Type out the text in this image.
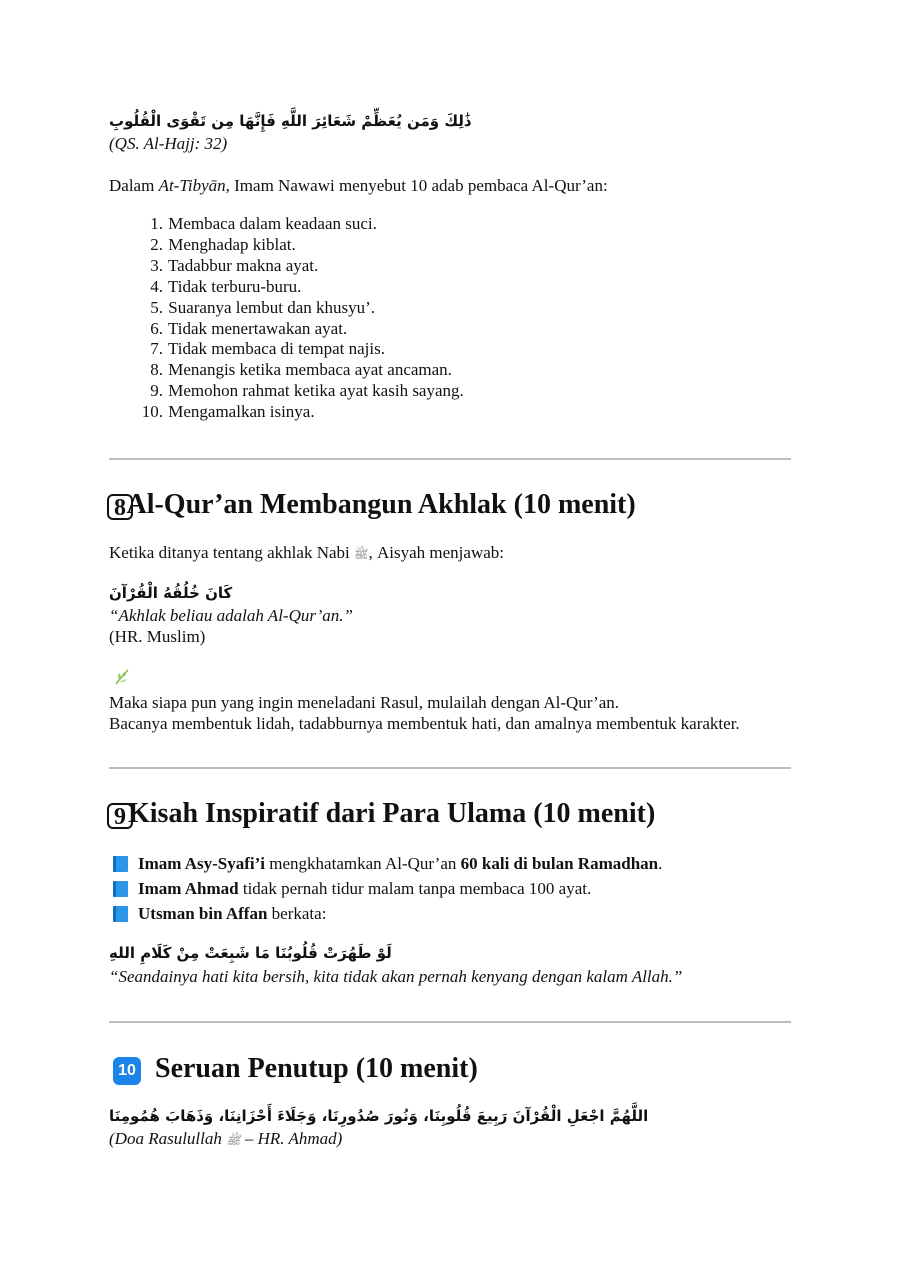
ذَٰلِكَ وَمَن يُعَظِّمْ شَعَائِرَ اللَّهِ فَإِنَّهَا مِن تَقْوَى الْقُلُوبِ

(QS. Al-Hajj: 32)

Dalam At-Tibyān, Imam Nawawi menyebut 10 adab pembaca Al-Qur’an:

1. Membaca dalam keadaan suci.
2. Menghadap kiblat.
3. Tadabbur makna ayat.
4. Tidak terburu-buru.
5. Suaranya lembut dan khusyu’.
6. Tidak menertawakan ayat.
7. Tidak membaca di tempat najis.
8. Menangis ketika membaca ayat ancaman.
9. Memohon rahmat ketika ayat kasih sayang.
10. Mengamalkan isinya.
8 Al-Qur’an Membangun Akhlak (10 menit)

Ketika ditanya tentang akhlak Nabi ﷺ, Aisyah menjawab:

كَانَ خُلُقُهُ الْقُرْآنَ

“Akhlak beliau adalah Al-Qur’an.”

(HR. Muslim)

Maka siapa pun yang ingin meneladani Rasul, mulailah dengan Al-Qur’an.

Bacanya membentuk lidah, tadabburnya membentuk hati, dan amalnya membentuk karakter.

9 Kisah Inspiratif dari Para Ulama (10 menit)

Imam Asy-Syafi’i mengkhatamkan Al-Qur’an 60 kali di bulan Ramadhan.

Imam Ahmad tidak pernah tidur malam tanpa membaca 100 ayat.

Utsman bin Affan berkata:

لَوْ طَهُرَتْ قُلُوبُنَا مَا شَبِعَتْ مِنْ كَلَامِ اللهِ

“Seandainya hati kita bersih, kita tidak akan pernah kenyang dengan kalam Allah.”

10 Seruan Penutup (10 menit)

اللَّهُمَّ اجْعَلِ الْقُرْآنَ رَبِيعَ قُلُوبِنَا، وَنُورَ صُدُورِنَا، وَجَلَاءَ أَحْزَانِنَا، وَذَهَابَ هُمُومِنَا

(Doa Rasulullah ﷺ – HR. Ahmad)
